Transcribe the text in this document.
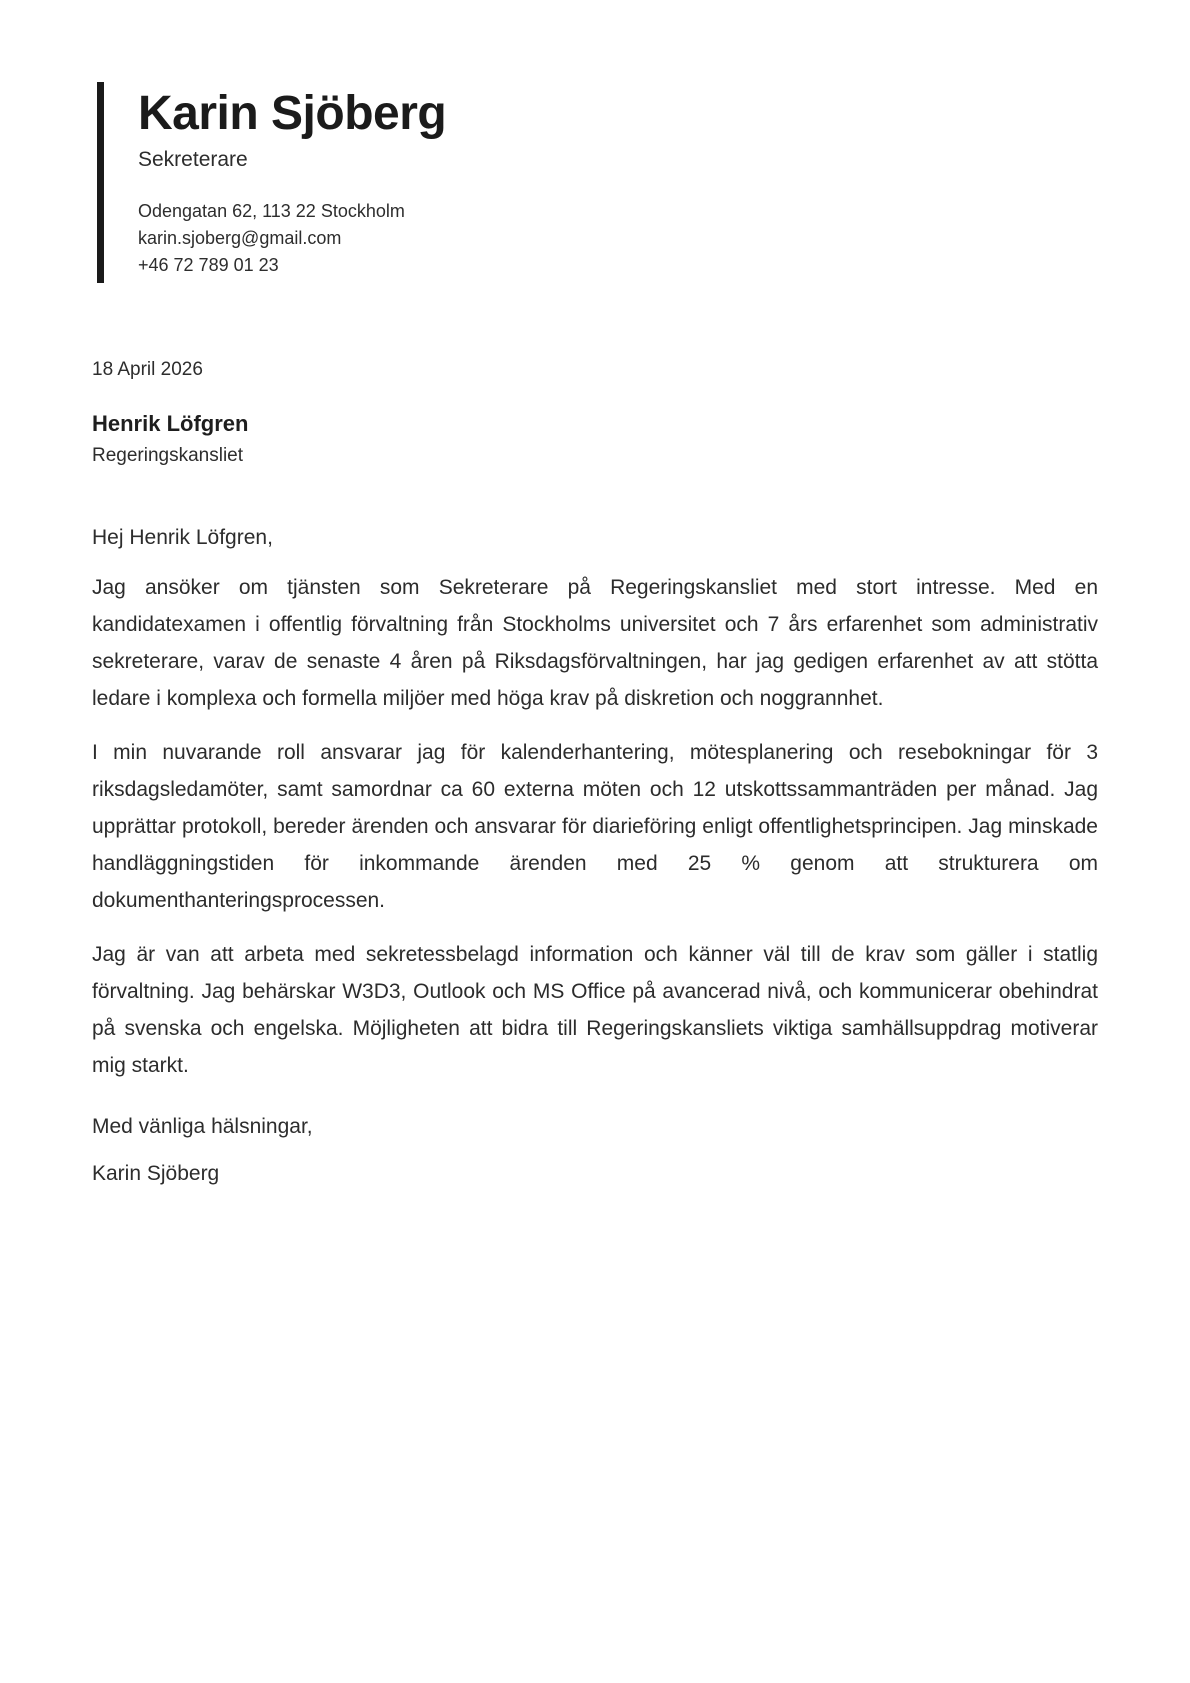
Karin Sjöberg
Sekreterare
Odengatan 62, 113 22 Stockholm
karin.sjoberg@gmail.com
+46 72 789 01 23
18 April 2026
Henrik Löfgren
Regeringskansliet

Hej Henrik Löfgren,

Jag ansöker om tjänsten som Sekreterare på Regeringskansliet med stort intresse. Med en kandidatexamen i offentlig förvaltning från Stockholms universitet och 7 års erfarenhet som administrativ sekreterare, varav de senaste 4 åren på Riksdagsförvaltningen, har jag gedigen erfarenhet av att stötta ledare i komplexa och formella miljöer med höga krav på diskretion och noggrannhet.

I min nuvarande roll ansvarar jag för kalenderhantering, mötesplanering och resebokningar för 3 riksdagsledamöter, samt samordnar ca 60 externa möten och 12 utskottssammanträden per månad. Jag upprättar protokoll, bereder ärenden och ansvarar för diarieföring enligt offentlighetsprincipen. Jag minskade handläggningstiden för inkommande ärenden med 25 % genom att strukturera om dokumenthanteringsprocessen.

Jag är van att arbeta med sekretessbelagd information och känner väl till de krav som gäller i statlig förvaltning. Jag behärskar W3D3, Outlook och MS Office på avancerad nivå, och kommunicerar obehindrat på svenska och engelska. Möjligheten att bidra till Regeringskansliets viktiga samhällsuppdrag motiverar mig starkt.

Med vänliga hälsningar,

Karin Sjöberg
